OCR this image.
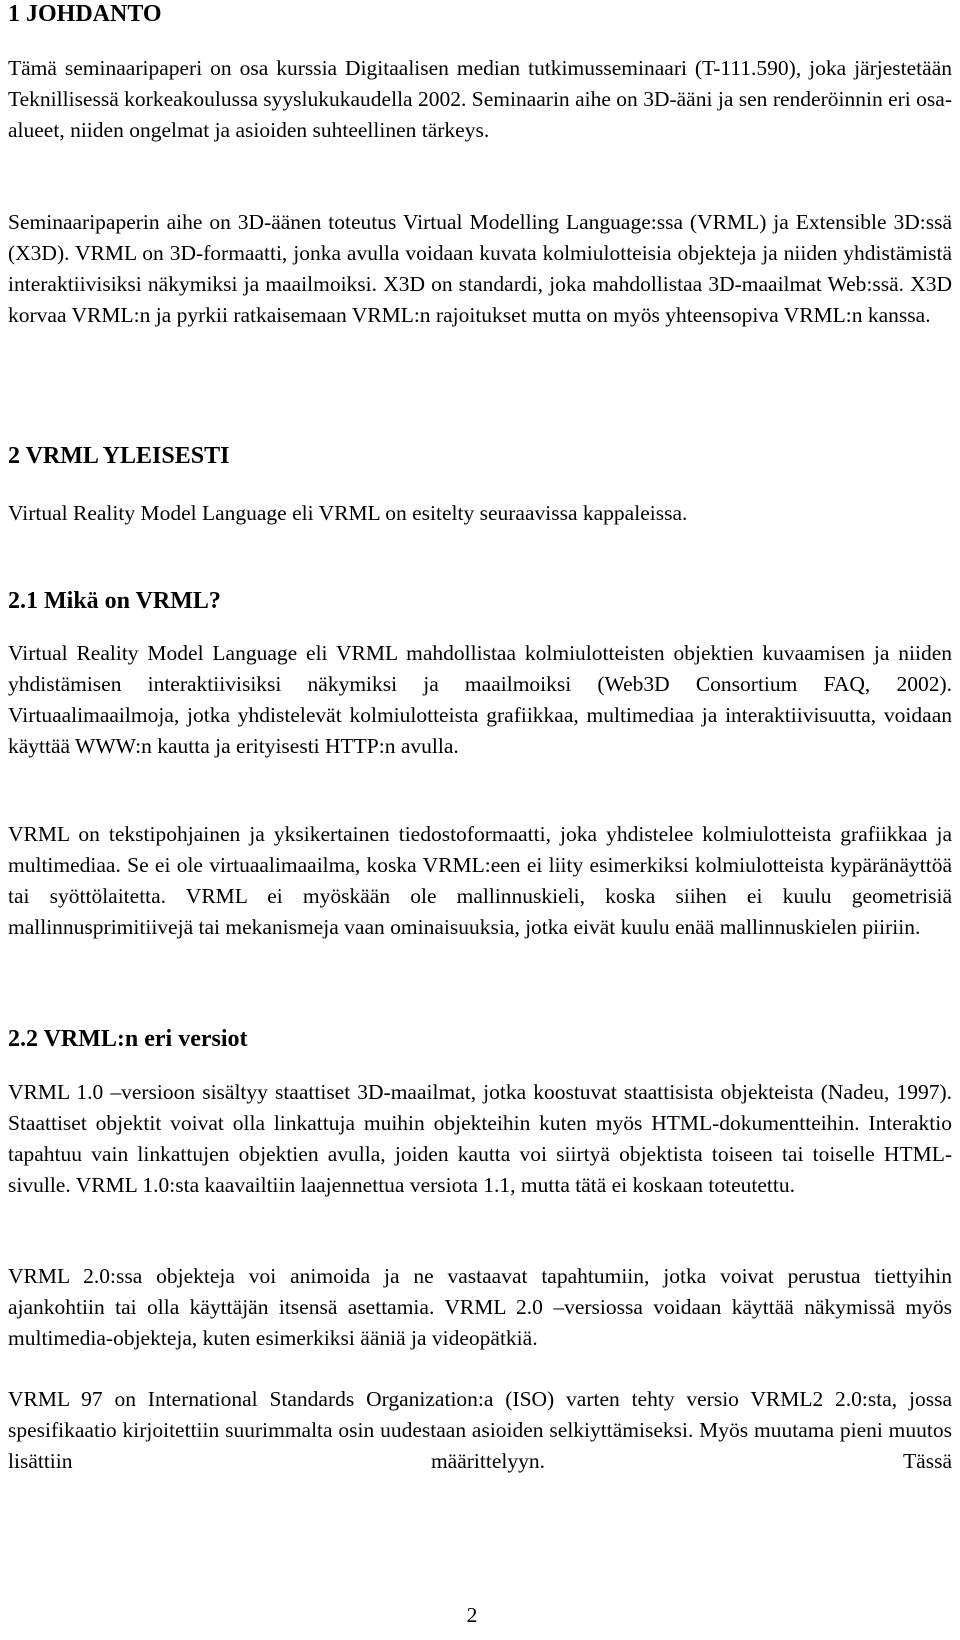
1 JOHDANTO

Tämä seminaaripaperi on osa kurssia Digitaalisen median tutkimusseminaari (T-111.590), joka järjestetään Teknillisessä korkeakoulussa syyslukukaudella 2002. Seminaarin aihe on 3D-ääni ja sen renderöinnin eri osa-alueet, niiden ongelmat ja asioiden suhteellinen tärkeys.

Seminaaripaperin aihe on 3D-äänen toteutus Virtual Modelling Language:ssa (VRML) ja Extensible 3D:ssä (X3D). VRML on 3D-formaatti, jonka avulla voidaan kuvata kolmiulotteisia objekteja ja niiden yhdistämistä interaktiivisiksi näkymiksi ja maailmoiksi. X3D on standardi, joka mahdollistaa 3D-maailmat Web:ssä. X3D korvaa VRML:n ja pyrkii ratkaisemaan VRML:n rajoitukset mutta on myös yhteensopiva VRML:n kanssa.

2 VRML YLEISESTI

Virtual Reality Model Language eli VRML on esitelty seuraavissa kappaleissa.

2.1 Mikä on VRML?

Virtual Reality Model Language eli VRML mahdollistaa kolmiulotteisten objektien kuvaamisen ja niiden yhdistämisen interaktiivisiksi näkymiksi ja maailmoiksi (Web3D Consortium FAQ, 2002). Virtuaalimaailmoja, jotka yhdistelevät kolmiulotteista grafiikkaa, multimediaa ja interaktiivisuutta, voidaan käyttää WWW:n kautta ja erityisesti HTTP:n avulla.

VRML on tekstipohjainen ja yksikertainen tiedostoformaatti, joka yhdistelee kolmiulotteista grafiikkaa ja multimediaa. Se ei ole virtuaalimaailma, koska VRML:een ei liity esimerkiksi kolmiulotteista kypäränäyttöä tai syöttölaitetta. VRML ei myöskään ole mallinnuskieli, koska siihen ei kuulu geometrisiä mallinnusprimitiivejä tai mekanismeja vaan ominaisuuksia, jotka eivät kuulu enää mallinnuskielen piiriin.

2.2 VRML:n eri versiot

VRML 1.0 –versioon sisältyy staattiset 3D-maailmat, jotka koostuvat staattisista objekteista (Nadeu, 1997). Staattiset objektit voivat olla linkattuja muihin objekteihin kuten myös HTML-dokumentteihin. Interaktio tapahtuu vain linkattujen objektien avulla, joiden kautta voi siirtyä objektista toiseen tai toiselle HTML-sivulle. VRML 1.0:sta kaavailtiin laajennettua versiota 1.1, mutta tätä ei koskaan toteutettu.

VRML 2.0:ssa objekteja voi animoida ja ne vastaavat tapahtumiin, jotka voivat perustua tiettyihin ajankohtiin tai olla käyttäjän itsensä asettamia. VRML 2.0 –versiossa voidaan käyttää näkymissä myös multimedia-objekteja, kuten esimerkiksi ääniä ja videopätkiä.

VRML 97 on International Standards Organization:a (ISO) varten tehty versio VRML2 2.0:sta, jossa spesifikaatio kirjoitettiin suurimmalta osin uudestaan asioiden selkiyttämiseksi. Myös muutama pieni muutos lisättiin määrittelyyn. Tässä

2
